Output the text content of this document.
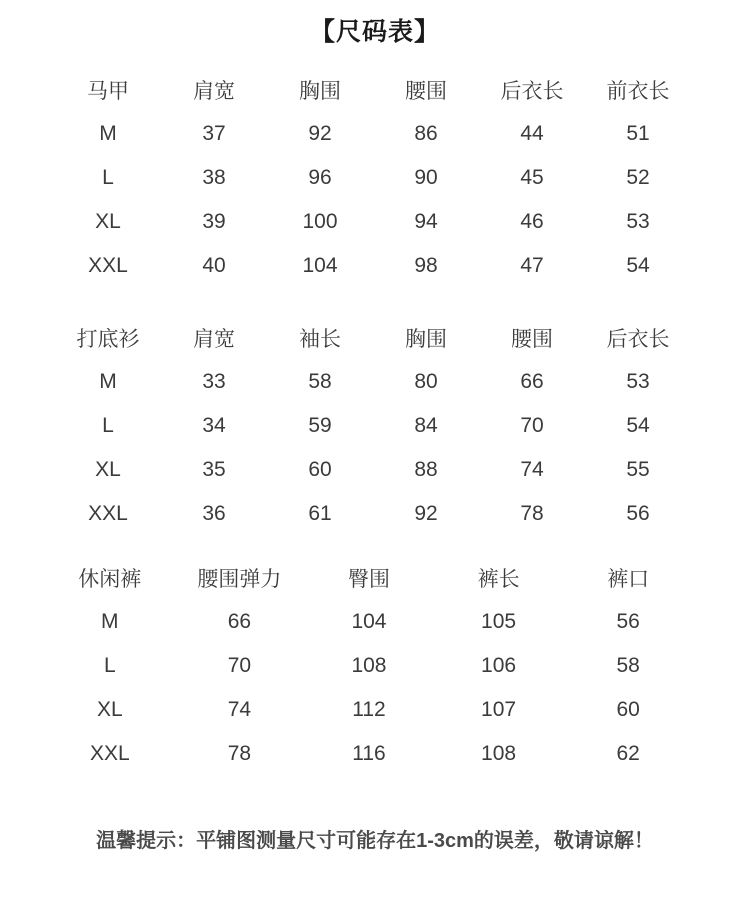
【尺码表】
马甲	肩宽	胸围	腰围	后衣长	前衣长
M	37	92	86	44	51
L	38	96	90	45	52
XL	39	100	94	46	53
XXL	40	104	98	47	54
打底衫	肩宽	袖长	胸围	腰围	后衣长
M	33	58	80	66	53
L	34	59	84	70	54
XL	35	60	88	74	55
XXL	36	61	92	78	56
休闲裤	腰围弹力	臀围	裤长	裤口
M	66	104	105	56
L	70	108	106	58
XL	74	112	107	60
XXL	78	116	108	62

温馨提示：平铺图测量尺寸可能存在1-3cm的误差，敬请谅解！
